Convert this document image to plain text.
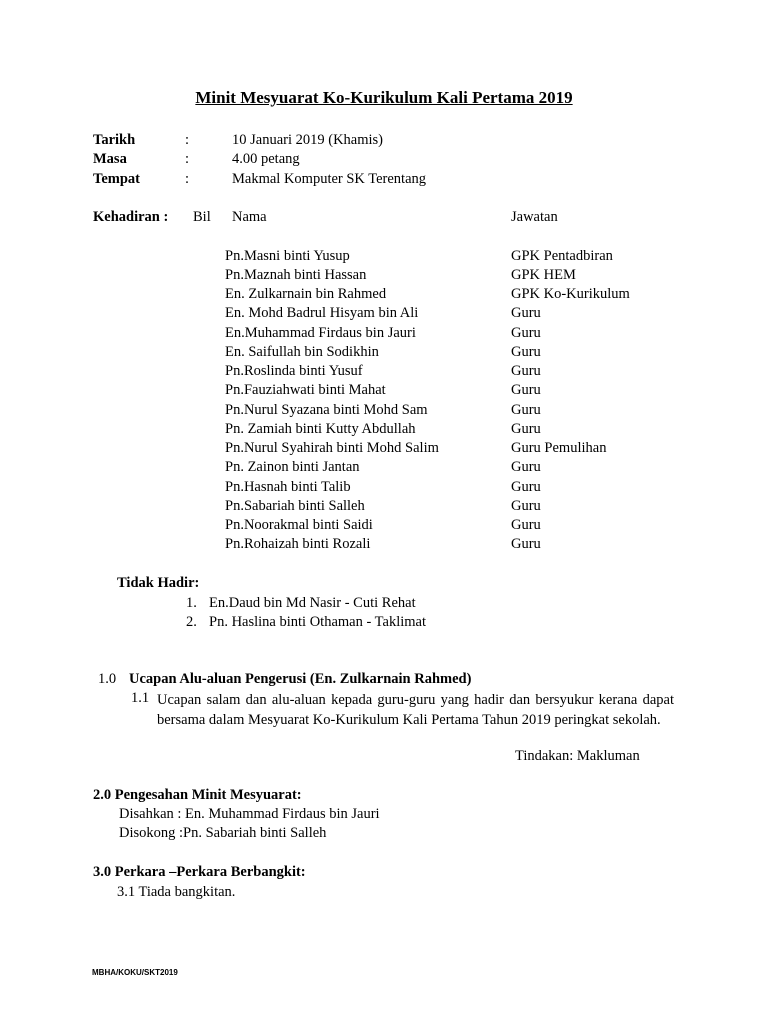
Minit Mesyuarat Ko-Kurikulum Kali Pertama 2019
Tarikh	:	10 Januari 2019 (Khamis)
Masa	:	4.00 petang
Tempat	:	Makmal Komputer SK Terentang
Kehadiran : Bil Nama	Jawatan
Pn.Masni binti Yusup	GPK Pentadbiran
Pn.Maznah binti Hassan	GPK HEM
En. Zulkarnain bin Rahmed	GPK Ko-Kurikulum
En. Mohd Badrul Hisyam bin Ali	Guru
En.Muhammad Firdaus bin Jauri	Guru
En. Saifullah bin Sodikhin	Guru
Pn.Roslinda binti Yusuf	Guru
Pn.Fauziahwati binti Mahat	Guru
Pn.Nurul Syazana binti Mohd Sam	Guru
Pn. Zamiah binti Kutty Abdullah	Guru
Pn.Nurul Syahirah binti Mohd Salim	Guru Pemulihan
Pn. Zainon binti Jantan	Guru
Pn.Hasnah binti Talib	Guru
Pn.Sabariah binti Salleh	Guru
Pn.Noorakmal binti Saidi	Guru
Pn.Rohaizah binti Rozali	Guru
Tidak Hadir:
1. En.Daud bin Md Nasir - Cuti Rehat
2. Pn. Haslina binti Othaman - Taklimat
1.0 Ucapan Alu-aluan Pengerusi (En. Zulkarnain Rahmed)
1.1 Ucapan salam dan alu-aluan kepada guru-guru yang hadir dan bersyukur kerana dapat bersama dalam Mesyuarat Ko-Kurikulum Kali Pertama Tahun 2019 peringkat sekolah.
Tindakan: Makluman
2.0 Pengesahan Minit Mesyuarat:
Disahkan : En. Muhammad Firdaus bin Jauri
Disokong :Pn. Sabariah binti Salleh
3.0 Perkara –Perkara Berbangkit:
3.1 Tiada bangkitan.
MBHA/KOKU/SKT2019
